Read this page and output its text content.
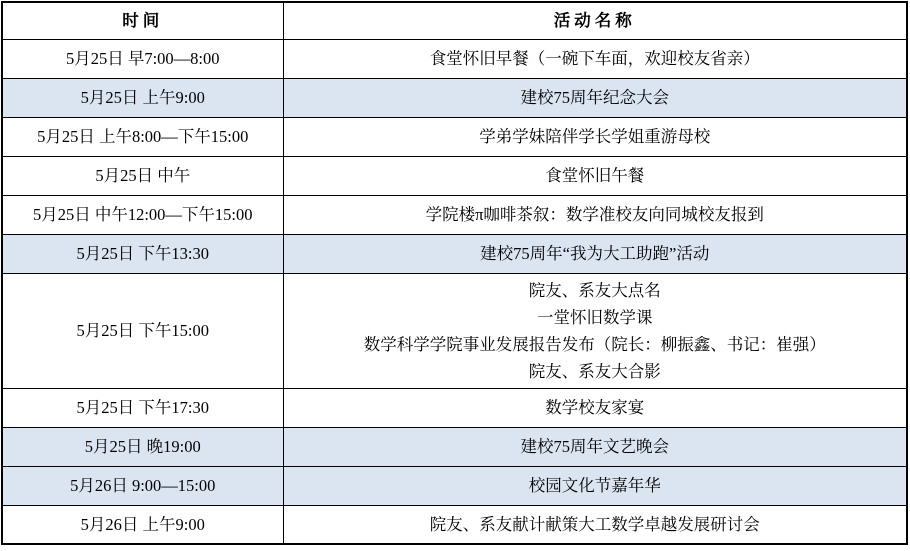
时间	活动名称
5月25日 早7:00—8:00	食堂怀旧早餐（一碗下车面，欢迎校友省亲）

5月25日 上午9:00	建校75周年纪念大会

5月25日 上午8:00—下午15:00	学弟学妹陪伴学长学姐重游母校

5月25日 中午	食堂怀旧午餐

5月25日 中午12:00—下午15:00	学院楼π咖啡茶叙：数学准校友向同城校友报到

5月25日 下午13:30	建校75周年“我为大工助跑”活动

5月25日 下午15:00	院友、系友大点名
一堂怀旧数学课
数学科学学院事业发展报告发布（院长：柳振鑫、书记：崔强）
院友、系友大合影

5月25日 下午17:30	数学校友家宴

5月25日 晚19:00	建校75周年文艺晚会

5月26日 9:00—15:00	校园文化节嘉年华

5月26日 上午9:00	院友、系友献计献策大工数学卓越发展研讨会
